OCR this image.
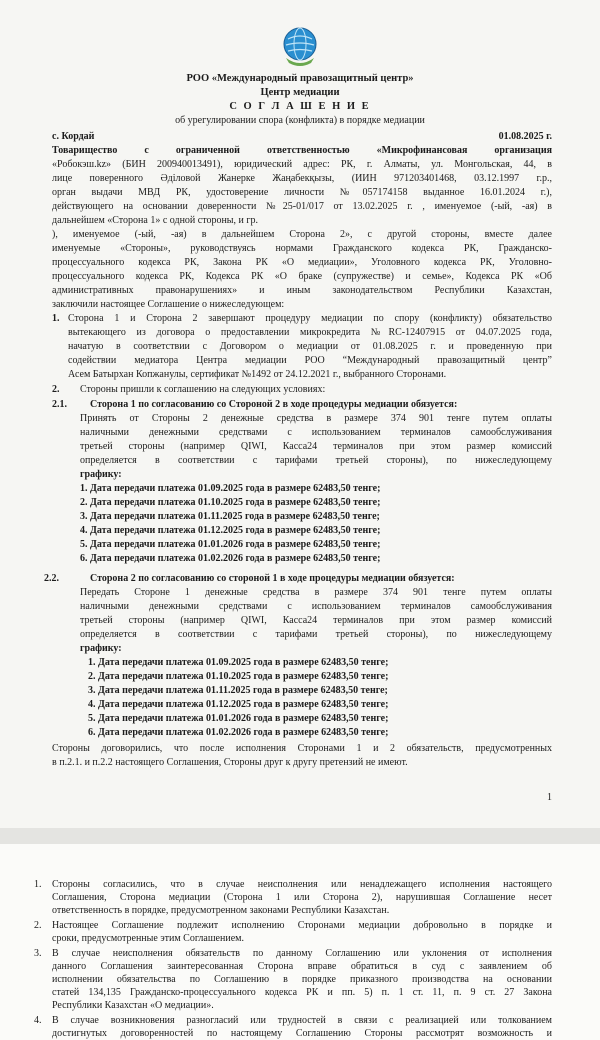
РОО «Международный правозащитный центр»
Центр медиации
С О Г Л А Ш Е Н И Е
об урегулировании спора (конфликта) в порядке медиации
с. Кордай	01.08.2025 г.
Товарищество с ограниченной ответственностью «Микрофинансовая организация
«Робокэш.kz» (БИН 200940013491), юридический адрес: РК, г. Алматы, ул. Монгольская, 44, в
лице поверенного Әділовой Жанерке Жаңабекқызы, (ИИН 971203401468, 03.12.1997 г.р.,
орган выдачи МВД РК, удостоверение личности №057174158 выданное 16.01.2024 г.),
действующего на основании доверенности №25-01/017 от 13.02.2025 г. , именуемое (-ый, -ая) в
дальнейшем «Сторона 1» с одной стороны, и гр.
), именуемое (-ый, -ая) в дальнейшем Сторона 2», с другой стороны, вместе далее
именуемые «Стороны», руководствуясь нормами Гражданского кодекса РК, Гражданско-
процессуального кодекса РК, Закона РК «О медиации», Уголовного кодекса РК, Уголовно-
процессуального кодекса РК, Кодекса РК «О браке (супружестве) и семье», Кодекса РК «Об
административных правонарушениях» и иным законодательством Республики Казахстан,
заключили настоящее Соглашение о нижеследующем:
1. Сторона 1 и Сторона 2 завершают процедуру медиации по спору (конфликту) обязательство
вытекающего из договора о предоставлении микрокредита №RC-12407915 от 04.07.2025 года,
начатую в соответствии с Договором о медиации от 01.08.2025 г. и проведенную при
содействии медиатора Центра медиации РОО “Международный правозащитный центр”
Асем Батырхан Копжанулы, сертификат №1492 от 24.12.2021 г., выбранного Сторонами.
2. Стороны пришли к соглашению на следующих условиях:
2.1. Сторона 1 по согласованию со Стороной 2 в ходе процедуры медиации обязуется:
Принять от Стороны 2 денежные средства в размере 374 901 тенге путем оплаты
наличными денежными средствами с использованием терминалов самообслуживания
третьей стороны (например QIWI, Касса24 терминалов при этом размер комиссий
определяется в соответствии с тарифами третьей стороны), по нижеследующему
графику:
1. Дата передачи платежа 01.09.2025 года в размере 62483,50 тенге;
2. Дата передачи платежа 01.10.2025 года в размере 62483,50 тенге;
3. Дата передачи платежа 01.11.2025 года в размере 62483,50 тенге;
4. Дата передачи платежа 01.12.2025 года в размере 62483,50 тенге;
5. Дата передачи платежа 01.01.2026 года в размере 62483,50 тенге;
6. Дата передачи платежа 01.02.2026 года в размере 62483,50 тенге;
2.2.	Сторона 2 по согласованию со стороной 1 в ходе процедуры медиации обязуется:
Передать Стороне 1 денежные средства в размере 374 901 тенге путем оплаты
наличными денежными средствами с использованием терминалов самообслуживания
третьей стороны (например QIWI, Касса24 терминалов при этом размер комиссий
определяется в соответствии с тарифами третьей стороны), по нижеследующему
графику:
1. Дата передачи платежа 01.09.2025 года в размере 62483,50 тенге;
2. Дата передачи платежа 01.10.2025 года в размере 62483,50 тенге;
3. Дата передачи платежа 01.11.2025 года в размере 62483,50 тенге;
4. Дата передачи платежа 01.12.2025 года в размере 62483,50 тенге;
5. Дата передачи платежа 01.01.2026 года в размере 62483,50 тенге;
6. Дата передачи платежа 01.02.2026 года в размере 62483,50 тенге;
Стороны договорились, что после исполнения Сторонами 1 и 2 обязательств, предусмотренных
в п.2.1. и п.2.2 настоящего Соглашения, Стороны друг к другу претензий не имеют.
1
1. Стороны согласились, что в случае неисполнения или ненадлежащего исполнения настоящего
Соглашения, Сторона медиации (Сторона 1 или Сторона 2), нарушившая Соглашение несет
ответственность в порядке, предусмотренном законами Республики Казахстан.
2. Настоящее Соглашение подлежит исполнению Сторонами медиации добровольно в порядке и
сроки, предусмотренные этим Соглашением.
3. В случае неисполнения обязательств по данному Соглашению или уклонения от исполнения
данного Соглашения заинтересованная Сторона вправе обратиться в суд с заявлением об
исполнении обязательства по Соглашению в порядке приказного производства на основании
статей 134,135 Гражданско-процессуального кодекса РК и пп. 5) п. 1 ст. 11, п. 9 ст. 27 Закона
Республики Казахстан «О медиации».
4. В случае возникновения разногласий или трудностей в связи с реализацией или толкованием
достигнутых договоренностей по настоящему Соглашению Стороны рассмотрят возможность и
